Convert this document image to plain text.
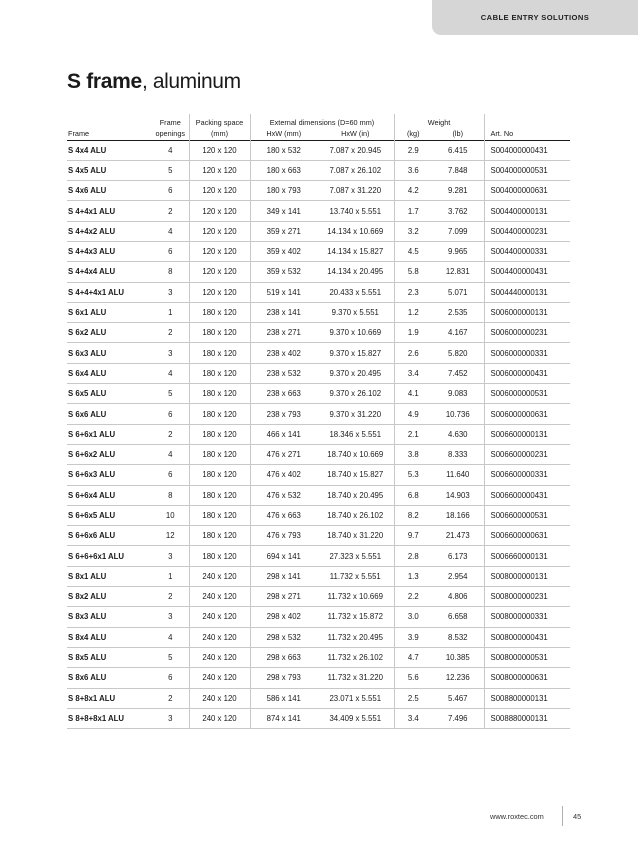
CABLE ENTRY SOLUTIONS
S frame, aluminum
	Frame	Packing space	External dimensions (D=60 mm)		Weight		
Frame	openings	(mm)	HxW (mm)	HxW (in)	(kg)	(lb)	Art. No
S 4x4 ALU	4	120 x 120	180 x 532	7.087 x 20.945	2.9	6.415	S004000000431
S 4x5 ALU	5	120 x 120	180 x 663	7.087 x 26.102	3.6	7.848	S004000000531
S 4x6 ALU	6	120 x 120	180 x 793	7.087 x 31.220	4.2	9.281	S004000000631
S 4+4x1 ALU	2	120 x 120	349 x 141	13.740 x 5.551	1.7	3.762	S004400000131
S 4+4x2 ALU	4	120 x 120	359 x 271	14.134 x 10.669	3.2	7.099	S004400000231
S 4+4x3 ALU	6	120 x 120	359 x 402	14.134 x 15.827	4.5	9.965	S004400000331
S 4+4x4 ALU	8	120 x 120	359 x 532	14.134 x 20.495	5.8	12.831	S004400000431
S 4+4+4x1 ALU	3	120 x 120	519 x 141	20.433 x 5.551	2.3	5.071	S004440000131
S 6x1 ALU	1	180 x 120	238 x 141	9.370 x 5.551	1.2	2.535	S006000000131
S 6x2 ALU	2	180 x 120	238 x 271	9.370 x 10.669	1.9	4.167	S006000000231
S 6x3 ALU	3	180 x 120	238 x 402	9.370 x 15.827	2.6	5.820	S006000000331
S 6x4 ALU	4	180 x 120	238 x 532	9.370 x 20.495	3.4	7.452	S006000000431
S 6x5 ALU	5	180 x 120	238 x 663	9.370 x 26.102	4.1	9.083	S006000000531
S 6x6 ALU	6	180 x 120	238 x 793	9.370 x 31.220	4.9	10.736	S006000000631
S 6+6x1 ALU	2	180 x 120	466 x 141	18.346 x 5.551	2.1	4.630	S006600000131
S 6+6x2 ALU	4	180 x 120	476 x 271	18.740 x 10.669	3.8	8.333	S006600000231
S 6+6x3 ALU	6	180 x 120	476 x 402	18.740 x 15.827	5.3	11.640	S006600000331
S 6+6x4 ALU	8	180 x 120	476 x 532	18.740 x 20.495	6.8	14.903	S006600000431
S 6+6x5 ALU	10	180 x 120	476 x 663	18.740 x 26.102	8.2	18.166	S006600000531
S 6+6x6 ALU	12	180 x 120	476 x 793	18.740 x 31.220	9.7	21.473	S006600000631
S 6+6+6x1 ALU	3	180 x 120	694 x 141	27.323 x 5.551	2.8	6.173	S006660000131
S 8x1 ALU	1	240 x 120	298 x 141	11.732 x 5.551	1.3	2.954	S008000000131
S 8x2 ALU	2	240 x 120	298 x 271	11.732 x 10.669	2.2	4.806	S008000000231
S 8x3 ALU	3	240 x 120	298 x 402	11.732 x 15.872	3.0	6.658	S008000000331
S 8x4 ALU	4	240 x 120	298 x 532	11.732 x 20.495	3.9	8.532	S008000000431
S 8x5 ALU	5	240 x 120	298 x 663	11.732 x 26.102	4.7	10.385	S008000000531
S 8x6 ALU	6	240 x 120	298 x 793	11.732 x 31.220	5.6	12.236	S008000000631
S 8+8x1 ALU	2	240 x 120	586 x 141	23.071 x 5.551	2.5	5.467	S008800000131
S 8+8+8x1 ALU	3	240 x 120	874 x 141	34.409 x 5.551	3.4	7.496	S008880000131
www.roxtec.com	45
